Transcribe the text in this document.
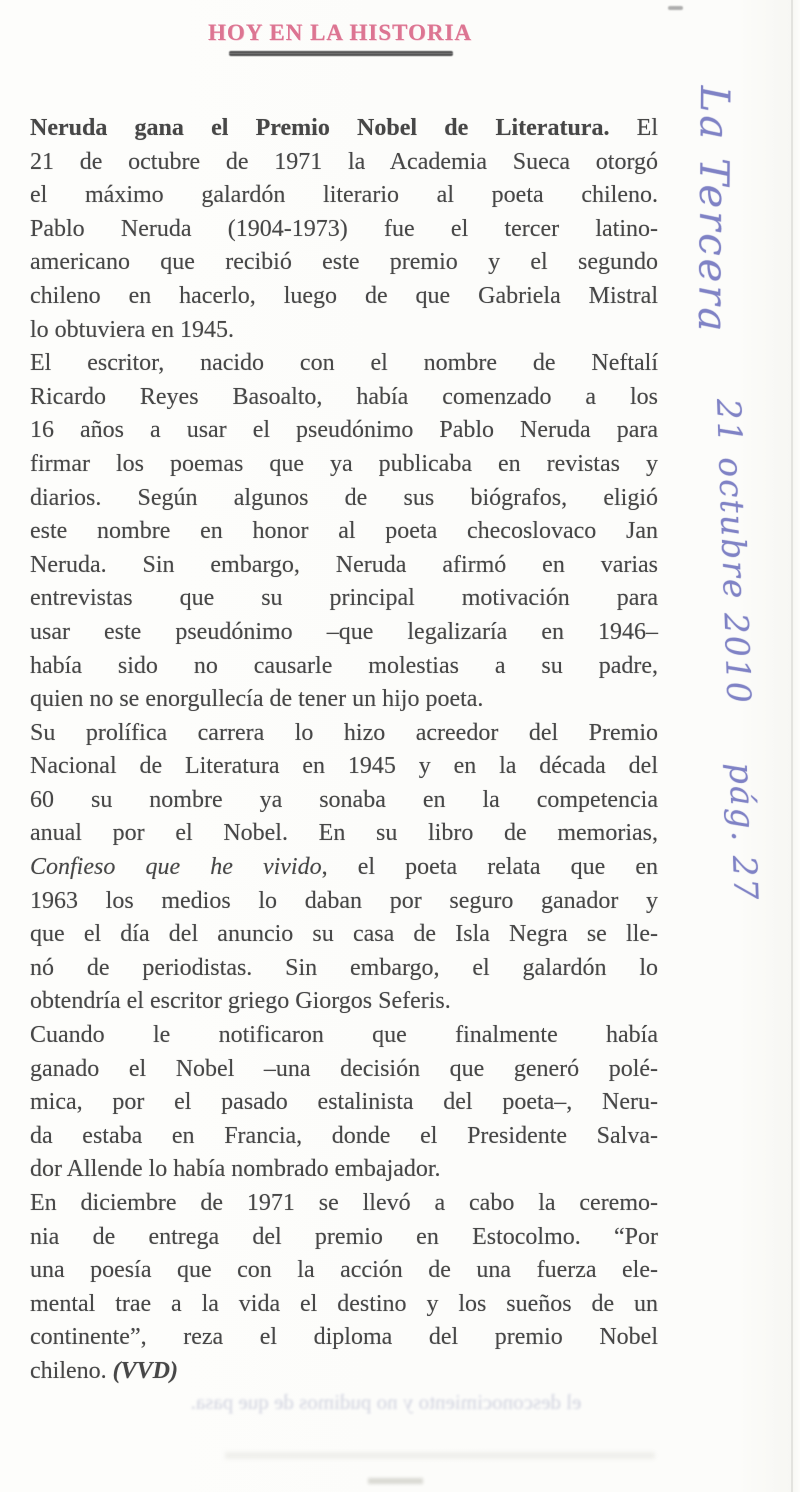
HOY EN LA HISTORIA
Neruda gana el Premio Nobel de Literatura. El
21 de octubre de 1971 la Academia Sueca otorgó
el máximo galardón literario al poeta chileno.
Pablo Neruda (1904-1973) fue el tercer latino-
americano que recibió este premio y el segundo
chileno en hacerlo, luego de que Gabriela Mistral
lo obtuviera en 1945.
El escritor, nacido con el nombre de Neftalí
Ricardo Reyes Basoalto, había comenzado a los
16 años a usar el pseudónimo Pablo Neruda para
firmar los poemas que ya publicaba en revistas y
diarios. Según algunos de sus biógrafos, eligió
este nombre en honor al poeta checoslovaco Jan
Neruda. Sin embargo, Neruda afirmó en varias
entrevistas que su principal motivación para
usar este pseudónimo –que legalizaría en 1946–
había sido no causarle molestias a su padre,
quien no se enorgullecía de tener un hijo poeta.
Su prolífica carrera lo hizo acreedor del Premio
Nacional de Literatura en 1945 y en la década del
60 su nombre ya sonaba en la competencia
anual por el Nobel. En su libro de memorias,
Confieso que he vivido, el poeta relata que en
1963 los medios lo daban por seguro ganador y
que el día del anuncio su casa de Isla Negra se lle-
nó de periodistas. Sin embargo, el galardón lo
obtendría el escritor griego Giorgos Seferis.
Cuando le notificaron que finalmente había
ganado el Nobel –una decisión que generó polé-
mica, por el pasado estalinista del poeta–, Neru-
da estaba en Francia, donde el Presidente Salva-
dor Allende lo había nombrado embajador.
En diciembre de 1971 se llevó a cabo la ceremo-
nia de entrega del premio en Estocolmo. “Por
una poesía que con la acción de una fuerza ele-
mental trae a la vida el destino y los sueños de un
continente”, reza el diploma del premio Nobel
chileno. (VVD)
La Tercera
21 octubre 2010pág. 27
el desconocimiento y no pudimos de que pasa.
